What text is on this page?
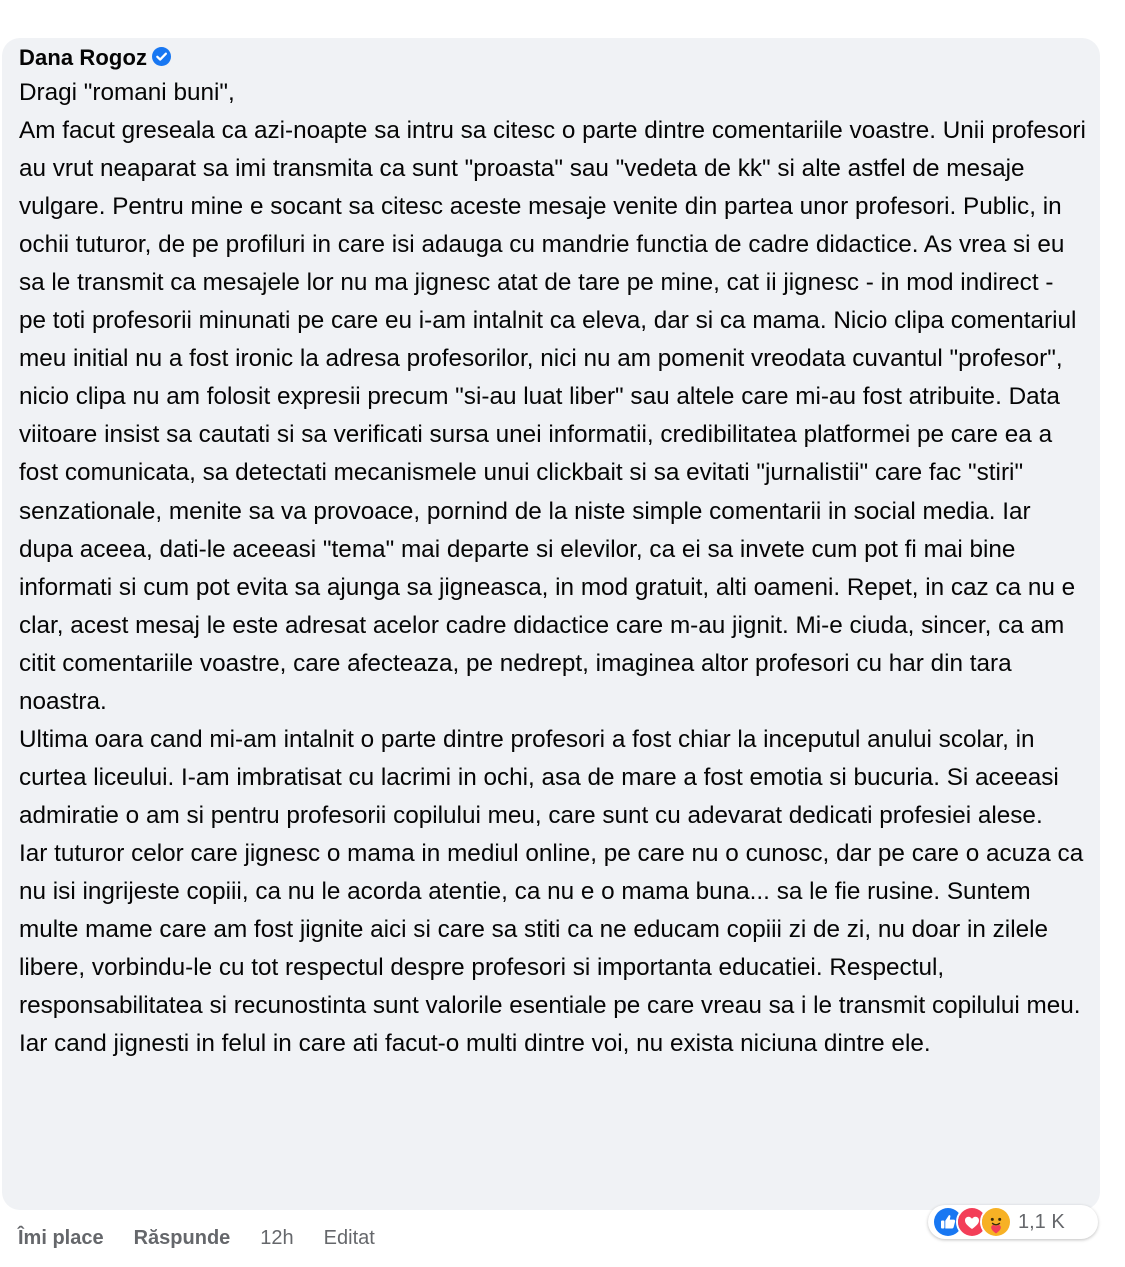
Dana Rogoz

Dragi "romani buni",

Am facut greseala ca azi-noapte sa intru sa citesc o parte dintre comentariile voastre. Unii profesori au vrut neaparat sa imi transmita ca sunt "proasta" sau "vedeta de kk" si alte astfel de mesaje vulgare. Pentru mine e socant sa citesc aceste mesaje venite din partea unor profesori. Public, in ochii tuturor, de pe profiluri in care isi adauga cu mandrie functia de cadre didactice. As vrea si eu sa le transmit ca mesajele lor nu ma jignesc atat de tare pe mine, cat ii jignesc - in mod indirect - pe toti profesorii minunati pe care eu i-am intalnit ca eleva, dar si ca mama. Nicio clipa comentariul meu initial nu a fost ironic la adresa profesorilor, nici nu am pomenit vreodata cuvantul "profesor", nicio clipa nu am folosit expresii precum "si-au luat liber" sau altele care mi-au fost atribuite. Data viitoare insist sa cautati si sa verificati sursa unei informatii, credibilitatea platformei pe care ea a fost comunicata, sa detectati mecanismele unui clickbait si sa evitati "jurnalistii" care fac "stiri" senzationale, menite sa va provoace, pornind de la niste simple comentarii in social media. Iar dupa aceea, dati-le aceeasi "tema" mai departe si elevilor, ca ei sa invete cum pot fi mai bine informati si cum pot evita sa ajunga sa jigneasca, in mod gratuit, alti oameni. Repet, in caz ca nu e clar, acest mesaj le este adresat acelor cadre didactice care m-au jignit. Mi-e ciuda, sincer, ca am citit comentariile voastre, care afecteaza, pe nedrept, imaginea altor profesori cu har din tara noastra.

Ultima oara cand mi-am intalnit o parte dintre profesori a fost chiar la inceputul anului scolar, in curtea liceului. I-am imbratisat cu lacrimi in ochi, asa de mare a fost emotia si bucuria. Si aceeasi admiratie o am si pentru profesorii copilului meu, care sunt cu adevarat dedicati profesiei alese.

Iar tuturor celor care jignesc o mama in mediul online, pe care nu o cunosc, dar pe care o acuza ca nu isi ingrijeste copiii, ca nu le acorda atentie, ca nu e o mama buna... sa le fie rusine. Suntem multe mame care am fost jignite aici si care sa stiti ca ne educam copiii zi de zi, nu doar in zilele libere, vorbindu-le cu tot respectul despre profesori si importanta educatiei. Respectul, responsabilitatea si recunostinta sunt valorile esentiale pe care vreau sa i le transmit copilului meu. Iar cand jignesti in felul in care ati facut-o multi dintre voi, nu exista niciuna dintre ele.

1,1 K
Îmi place Răspunde 12h Editat
